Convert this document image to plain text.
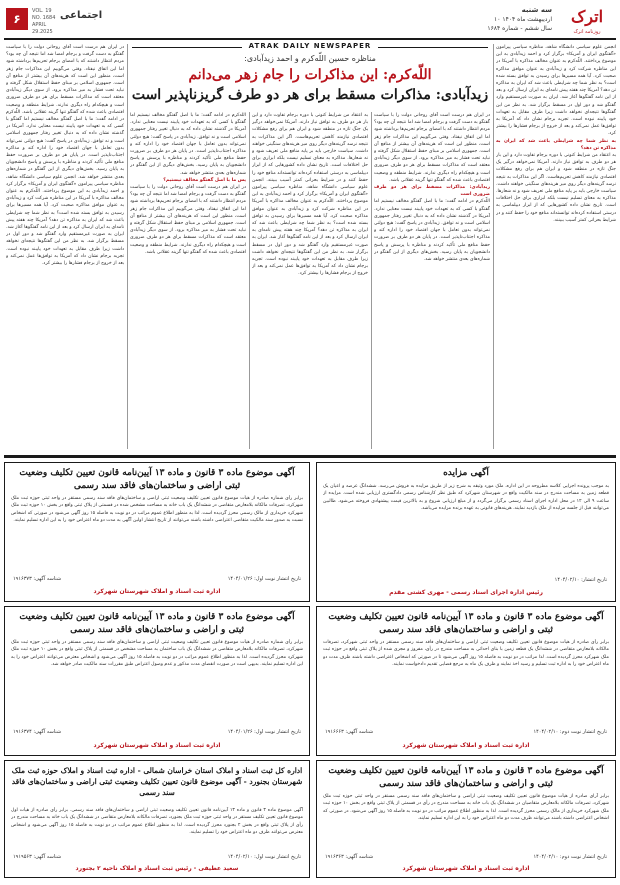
اترک
روزنامه اترک
سه شنبه
۱۰ اردیبهشت ماه ۱۴۰۴
سال ششم - شماره ۱۶۸۴
۶
VOL. 19 NO. 1684
APRIL 29.2025
اجتماعی
ATRAK DAILY NEWSPAPER
مناظره حسین اللّه‌کرم و احمد زیدآبادی:
اللّه‌کرم: این مذاکرات را جام زهر می‌دانم
زیدآبادی: مذاکرات مسقط برای هر دو طرف گریزناپذیر است
انجمن علوم سیاسی دانشگاه شاهد، مناظره سیاسی پیرامون «گفتگوی ایران و آمریکا» برگزار کرد و احمد زیدآبادی به این موضوع پرداختند. اللّه‌کرم به عنوان مخالف مذاکره با آمریکا در این مناظره شرکت کرد و زیدآبادی به عنوان موافق مذاکره صحبت کرد. آیا همه مسیرها برای رسیدن به توافق بسته شده است؟ به نظر شما چه شرایطی باعث شد که ایران به مذاکره تن دهد؟ آمریکا چند هفته پیش نامه‌ای به ایران ارسال کرد و بعد از این نامه گفتگوها آغاز شد. ایران به صورت غیرمستقیم وارد گفتگو شد و دور اول در مسقط برگزار شد. به نظر من این گفتگوها نتیجه‌ای نخواهد داشت زیرا طرف مقابل به تعهدات خود پایبند نبوده است. تجربه برجام نشان داد که آمریکا به توافق‌ها عمل نمی‌کند و بعد از خروج از برجام فشارها را بیشتر کرد.
به نظر شما چه شرایطی باعث شد که ایران به مذاکره تن دهد؟
به اعتقاد من شرایط کنونی با دوره برجام تفاوت دارد و این بار هر دو طرف به توافق نیاز دارند. آمریکا نمی‌خواهد درگیر یک جنگ تازه در منطقه شود و ایران هم برای رفع مشکلات اقتصادی نیازمند کاهش تحریم‌هاست. اگر این مذاکرات به نتیجه نرسد گزینه‌های دیگر روی میز هزینه‌های سنگینی خواهند داشت. سیاست خارجی باید بر پایه منافع ملی تعریف شود و نه شعارها. مذاکره به معنای تسلیم نیست بلکه ابزاری برای حل اختلافات است. تاریخ نشان داده کشورهایی که از ابزار دیپلماسی به درستی استفاده کرده‌اند توانسته‌اند منافع خود را حفظ کنند و در شرایط بحرانی کمتر آسیب ببینند.
در ایران هم درست است آقای روحانی دولت را با سیاست گفتگو به دست گرفت و برجام امضا شد اما نتیجه آن چه بود؟ مردم انتظار داشتند که با امضای برجام تحریم‌ها برداشته شود اما این اتفاق نیفتاد. وقتی می‌گوییم این مذاکرات جام زهر است، منظور این است که هزینه‌های آن بیشتر از منافع آن است. جمهوری اسلامی بر مبنای حفظ استقلال شکل گرفته و نباید تحت فشار به میز مذاکره برود. از سوی دیگر زیدآبادی معتقد است که مذاکرات مسقط برای هر دو طرف ضروری است و هیچکدام راه دیگری ندارند. شرایط منطقه و وضعیت اقتصادی باعث شده که گفتگو تنها گزینه عقلانی باشد.
زیدآبادی: مذاکرات مسقط برای هر دو طرف ضروری است
اللّه‌کرم در ادامه گفت: ما با اصل گفتگو مخالف نیستیم اما گفتگو با کسی که به تعهدات خود پایبند نیست معنایی ندارد. آمریکا در گذشته نشان داده که به دنبال تغییر رفتار جمهوری اسلامی است و نه توافق. زیدآبادی در پاسخ گفت: هیچ دولتی نمی‌تواند بدون تعامل با جهان اقتصاد خود را اداره کند و مذاکره اجتناب‌ناپذیر است. در پایان هر دو طرف بر ضرورت حفظ منافع ملی تأکید کردند و مناظره با پرسش و پاسخ دانشجویان به پایان رسید. بخش‌های دیگری از این گفتگو در شماره‌های بعدی منتشر خواهد شد.
به اعتقاد من شرایط کنونی با دوره برجام تفاوت دارد و این بار هر دو طرف به توافق نیاز دارند. آمریکا نمی‌خواهد درگیر یک جنگ تازه در منطقه شود و ایران هم برای رفع مشکلات اقتصادی نیازمند کاهش تحریم‌هاست. اگر این مذاکرات به نتیجه نرسد گزینه‌های دیگر روی میز هزینه‌های سنگینی خواهند داشت. سیاست خارجی باید بر پایه منافع ملی تعریف شود و نه شعارها. مذاکره به معنای تسلیم نیست بلکه ابزاری برای حل اختلافات است. تاریخ نشان داده کشورهایی که از ابزار دیپلماسی به درستی استفاده کرده‌اند توانسته‌اند منافع خود را حفظ کنند و در شرایط بحرانی کمتر آسیب ببینند. انجمن علوم سیاسی دانشگاه شاهد، مناظره سیاسی پیرامون «گفتگوی ایران و آمریکا» برگزار کرد و احمد زیدآبادی به این موضوع پرداختند. اللّه‌کرم به عنوان مخالف مذاکره با آمریکا در این مناظره شرکت کرد و زیدآبادی به عنوان موافق مذاکره صحبت کرد. آیا همه مسیرها برای رسیدن به توافق بسته شده است؟ به نظر شما چه شرایطی باعث شد که ایران به مذاکره تن دهد؟ آمریکا چند هفته پیش نامه‌ای به ایران ارسال کرد و بعد از این نامه گفتگوها آغاز شد. ایران به صورت غیرمستقیم وارد گفتگو شد و دور اول در مسقط برگزار شد. به نظر من این گفتگوها نتیجه‌ای نخواهد داشت زیرا طرف مقابل به تعهدات خود پایبند نبوده است. تجربه برجام نشان داد که آمریکا به توافق‌ها عمل نمی‌کند و بعد از خروج از برجام فشارها را بیشتر کرد.
اللّه‌کرم در ادامه گفت: ما با اصل گفتگو مخالف نیستیم اما گفتگو با کسی که به تعهدات خود پایبند نیست معنایی ندارد. آمریکا در گذشته نشان داده که به دنبال تغییر رفتار جمهوری اسلامی است و نه توافق. زیدآبادی در پاسخ گفت: هیچ دولتی نمی‌تواند بدون تعامل با جهان اقتصاد خود را اداره کند و مذاکره اجتناب‌ناپذیر است. در پایان هر دو طرف بر ضرورت حفظ منافع ملی تأکید کردند و مناظره با پرسش و پاسخ دانشجویان به پایان رسید. بخش‌های دیگری از این گفتگو در شماره‌های بعدی منتشر خواهد شد.
پس ما با اصل گفتگو مخالف نیستیم؟
در ایران هم درست است آقای روحانی دولت را با سیاست گفتگو به دست گرفت و برجام امضا شد اما نتیجه آن چه بود؟ مردم انتظار داشتند که با امضای برجام تحریم‌ها برداشته شود اما این اتفاق نیفتاد. وقتی می‌گوییم این مذاکرات جام زهر است، منظور این است که هزینه‌های آن بیشتر از منافع آن است. جمهوری اسلامی بر مبنای حفظ استقلال شکل گرفته و نباید تحت فشار به میز مذاکره برود. از سوی دیگر زیدآبادی معتقد است که مذاکرات مسقط برای هر دو طرف ضروری است و هیچکدام راه دیگری ندارند. شرایط منطقه و وضعیت اقتصادی باعث شده که گفتگو تنها گزینه عقلانی باشد.
در ایران هم درست است آقای روحانی دولت را با سیاست گفتگو به دست گرفت و برجام امضا شد اما نتیجه آن چه بود؟ مردم انتظار داشتند که با امضای برجام تحریم‌ها برداشته شود اما این اتفاق نیفتاد. وقتی می‌گوییم این مذاکرات جام زهر است، منظور این است که هزینه‌های آن بیشتر از منافع آن است. جمهوری اسلامی بر مبنای حفظ استقلال شکل گرفته و نباید تحت فشار به میز مذاکره برود. از سوی دیگر زیدآبادی معتقد است که مذاکرات مسقط برای هر دو طرف ضروری است و هیچکدام راه دیگری ندارند. شرایط منطقه و وضعیت اقتصادی باعث شده که گفتگو تنها گزینه عقلانی باشد. اللّه‌کرم در ادامه گفت: ما با اصل گفتگو مخالف نیستیم اما گفتگو با کسی که به تعهدات خود پایبند نیست معنایی ندارد. آمریکا در گذشته نشان داده که به دنبال تغییر رفتار جمهوری اسلامی است و نه توافق. زیدآبادی در پاسخ گفت: هیچ دولتی نمی‌تواند بدون تعامل با جهان اقتصاد خود را اداره کند و مذاکره اجتناب‌ناپذیر است. در پایان هر دو طرف بر ضرورت حفظ منافع ملی تأکید کردند و مناظره با پرسش و پاسخ دانشجویان به پایان رسید. بخش‌های دیگری از این گفتگو در شماره‌های بعدی منتشر خواهد شد. انجمن علوم سیاسی دانشگاه شاهد، مناظره سیاسی پیرامون «گفتگوی ایران و آمریکا» برگزار کرد و احمد زیدآبادی به این موضوع پرداختند. اللّه‌کرم به عنوان مخالف مذاکره با آمریکا در این مناظره شرکت کرد و زیدآبادی به عنوان موافق مذاکره صحبت کرد. آیا همه مسیرها برای رسیدن به توافق بسته شده است؟ به نظر شما چه شرایطی باعث شد که ایران به مذاکره تن دهد؟ آمریکا چند هفته پیش نامه‌ای به ایران ارسال کرد و بعد از این نامه گفتگوها آغاز شد. ایران به صورت غیرمستقیم وارد گفتگو شد و دور اول در مسقط برگزار شد. به نظر من این گفتگوها نتیجه‌ای نخواهد داشت زیرا طرف مقابل به تعهدات خود پایبند نبوده است. تجربه برجام نشان داد که آمریکا به توافق‌ها عمل نمی‌کند و بعد از خروج از برجام فشارها را بیشتر کرد.
آگهی مزایده
به موجب پرونده اجرایی کلاسه مطروحه در این اداره، ملک مورد وثیقه به شرح زیر از طریق مزایده به فروش می‌رسد. ششدانگ عرصه و اعیان یک قطعه زمین به مساحت مندرج در سند مالکیت واقع در شهرستان شهرکرد که طبق نظر کارشناس رسمی دادگستری ارزیابی شده است. مزایده از ساعت ۹ الی ۱۲ در محل اداره اجرای اسناد رسمی برگزار می‌گردد و از مبلغ ارزیابی شروع و به بالاترین قیمت پیشنهادی فروخته می‌شود. طالبین می‌توانند قبل از جلسه مزایده از ملک بازدید نمایند. هزینه‌های قانونی به عهده برنده مزایده می‌باشد.
تاریخ انتشار: ۱۴۰۴/۰۲/۱۰
رئیس اداره اجرای اسناد رسمی - مهری کشتی مقدم
آگهی موضوع ماده ۳ قانون و ماده ۱۳ آیین‌نامه قانون تعیین تکلیف وضعیت ثبتی و اراضی و ساختمان‌های فاقد سند رسمی
برابر رأی صادره از هیأت موضوع قانون تعیین تکلیف وضعیت ثبتی اراضی و ساختمان‌های فاقد سند رسمی مستقر در واحد ثبتی شهرکرد، تصرفات مالکانه بلامعارض متقاضی در ششدانگ یک قطعه زمین با بنای احداثی به مساحت مندرج در رأی، مفروز و مجزی شده از پلاک ثبتی واقع در حوزه ثبت ملک شهرکرد محرز گردیده است. لذا مراتب در دو نوبت به فاصله ۱۵ روز آگهی می‌شود تا در صورتی که اشخاص اعتراضی داشته باشند ظرف مدت دو ماه اعتراض خود را به اداره ثبت تسلیم و رسید اخذ نمایند و ظرف یک ماه به مرجع قضایی تقدیم دادخواست نمایند.
تاریخ انتشار نوبت دوم: ۱۴۰۴/۰۲/۱۰
شناسه آگهی: ۱۹۱۶۶۶۳
اداره ثبت اسناد و املاک شهرستان شهرکرد
آگهی موضوع ماده ۳ قانون و ماده ۱۳ آیین‌نامه قانون تعیین تکلیف وضعیت ثبتی و اراضی و ساختمان‌های فاقد سند رسمی
برابر آرای صادره از هیأت موضوع قانون تعیین تکلیف وضعیت ثبتی اراضی و ساختمان‌های فاقد سند رسمی مستقر در واحد ثبتی حوزه ثبت ملک شهرکرد، تصرفات مالکانه بلامعارض متقاضیان در ششدانگ یک باب خانه به مساحت مندرج در رأی در قسمتی از پلاک ثبتی واقع در بخش ۱۰ حوزه ثبت ملک شهرکرد خریداری از مالک رسمی محرز گردیده است. لذا به منظور اطلاع عموم مراتب در دو نوبت به فاصله ۱۵ روز آگهی می‌شود. در صورتی که اشخاص اعتراضی داشته باشند می‌توانند ظرف مدت دو ماه اعتراض خود را به این اداره تسلیم نمایند.
تاریخ انتشار نوبت دوم: ۱۴۰۴/۰۲/۱۰
شناسه آگهی: ۱۹۱۶۳۶۳
اداره ثبت اسناد و املاک شهرستان شهرکرد
آگهی موضوع ماده ۳ قانون و ماده ۱۳ آیین‌نامه قانون تعیین تکلیف وضعیت ثبتی اراضی و ساختمان‌های فاقد سند رسمی
برابر رأی شماره صادره از هیأت موضوع قانون تعیین تکلیف وضعیت ثبتی اراضی و ساختمان‌های فاقد سند رسمی مستقر در واحد ثبتی حوزه ثبت ملک شهرکرد، تصرفات مالکانه بلامعارض متقاضی در ششدانگ یک باب خانه به مساحت مشخص شده در قسمتی از پلاک ثبتی واقع در بخش ۱۰ حوزه ثبت ملک شهرکرد خریداری از مالک رسمی محرز گردیده است. لذا به منظور اطلاع عموم مراتب در دو نوبت به فاصله ۱۵ روز آگهی می‌شود در صورتی که اشخاص نسبت به صدور سند مالکیت متقاضی اعتراضی داشته باشند می‌توانند از تاریخ انتشار اولین آگهی به مدت دو ماه اعتراض خود را به این اداره تسلیم نمایند.
تاریخ انتشار نوبت اول: ۱۴۰۴/۰۱/۲۶
شناسه آگهی: ۱۹۱۶۳۷۳
اداره ثبت اسناد و املاک شهرستان شهرکرد
آگهی موضوع ماده ۳ قانون و ماده ۱۳ آیین‌نامه قانون تعیین تکلیف وضعیت ثبتی و اراضی و ساختمان‌های فاقد سند رسمی
برابر رأی شماره صادره از هیأت موضوع قانون تعیین تکلیف وضعیت ثبتی اراضی و ساختمان‌های فاقد سند رسمی مستقر در واحد ثبتی حوزه ثبت ملک شهرکرد، تصرفات مالکانه بلامعارض متقاضی در ششدانگ یک باب ساختمان به مساحت مشخص در قسمتی از پلاک ثبتی واقع در بخش ۱۰ حوزه ثبت ملک شهرکرد محرز گردیده است. لذا به منظور اطلاع عموم مراتب در دو نوبت به فاصله ۱۵ روز آگهی می‌شود و اشخاص معترض می‌توانند اعتراض خود را به این اداره تسلیم نمایند. بدیهی است در صورت انقضای مدت مذکور و عدم وصول اعتراض طبق مقررات سند مالکیت صادر خواهد شد.
تاریخ انتشار نوبت اول: ۱۴۰۴/۰۱/۲۶
شناسه آگهی: ۱۹۱۶۳۷۴
اداره ثبت اسناد و املاک شهرستان شهرکرد
اداره کل ثبت اسناد و املاک استان خراسان شمالی - اداره ثبت اسناد و املاک حوزه ثبت ملک شهرستان بجنورد - آگهی موضوع قانون تعیین تکلیف وضعیت ثبتی اراضی و ساختمان‌های فاقد سند رسمی
آگهی موضوع ماده ۳ قانون و ماده ۱۳ آیین‌نامه قانون تعیین تکلیف وضعیت ثبتی اراضی و ساختمان‌های فاقد سند رسمی. برابر رأی صادره از هیأت اول موضوع قانون تعیین تکلیف مستقر در واحد ثبتی حوزه ثبت ملک بجنورد، تصرفات مالکانه بلامعارض متقاضی در ششدانگ یک باب خانه به مساحت مندرج در رأی از پلاک ثبتی واقع در بخش ۲ بجنورد محرز گردیده است. لذا به منظور اطلاع عموم مراتب در دو نوبت به فاصله ۱۵ روز آگهی می‌شود و اشخاص معترض می‌توانند ظرف دو ماه اعتراض خود را تسلیم نمایند.
تاریخ انتشار نوبت اول: ۱۴۰۴/۰۲/۱۰
شناسه آگهی: ۱۹۱۹۵۶۳
سعید عطیفی - رئیس ثبت اسناد و املاک ناحیه ۲ بجنورد
